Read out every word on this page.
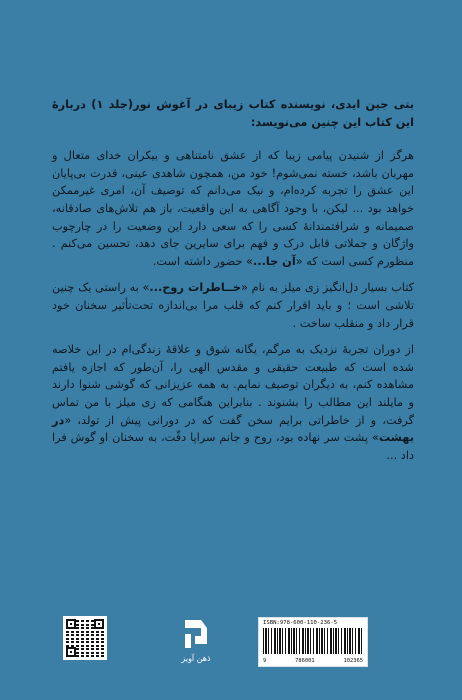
بتی جین ایدی، نویسنده کتاب زیبای در آغوش نور(جلد ۱) دربارهٔ این کتاب این چنین می‌نویسد:

هرگز از شنیدن پیامی زیبا که از عشق نامتناهی و بیکران خدای متعال و مهربان باشد، خسته نمی‌شوم! خود من، همچون شاهدی عینی، قدرت بی‌پایان این عشق را تجربه کرده‌ام، و نیک می‌دانم که توصیف آن، امری غیرممکن خواهد بود ... لیکن، با وجود آگاهی به این واقعیت، باز هم تلاش‌های صادقانه، صمیمانه و شرافتمندانهٔ کسی را که سعی دارد این وضعیت را در چارچوب واژگان و جملاتی قابل درک و فهم برای سایرین جای دهد، تحسین می‌کنم . منظورم کسی است که «آن جا...» حضور داشته است.

کتاب بسیار دل‌انگیز زی میلز به نام «خــاطرات روح...» به راستی یک چنین تلاشی است ؛ و باید اقرار کنم که قلب مرا بی‌اندازه تحت‌تأثیر سخنان خود قرار داد و منقلب ساخت .

از دوران تجربهٔ نزدیک به مرگم، یگانه شوق و علاقهٔ زندگی‌ام در این خلاصه شده است که طبیعت حقیقی و مقدس الهی را، آن‌طور که اجازه یافتم مشاهده کنم، به دیگران توصیف نمایم. به همه عزیزانی که گوشی شنوا دارند و مایلند این مطالب را بشنوند . بنابراین هنگامی که زی میلز با من تماس گرفت، و از خاطراتی برایم سخن گفت که در دورانی پیش از تولد، «در بهشت» پشت سر نهاده بود، روح و جانم سراپا دقّت، به سخنان او گوش فرا داد ...

ذهن آویز
ISBN:978-600-110-236-5
9	786001	102365
